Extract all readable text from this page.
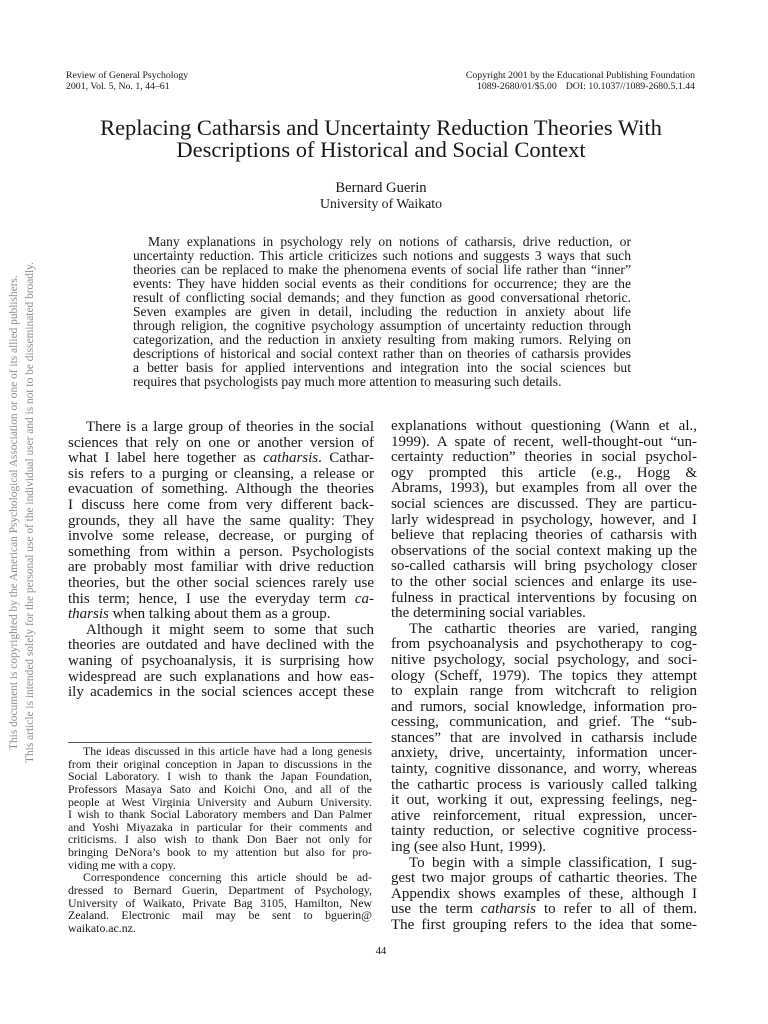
This document is copyrighted by the American Psychological Association or one of its allied publishers. This article is intended solely for the personal use of the individual user and is not to be disseminated broadly.
Review of General Psychology
2001, Vol. 5, No. 1, 44–61
Copyright 2001 by the Educational Publishing Foundation
1089-2680/01/$5.00 DOI: 10.1037//1089-2680.5.1.44
Replacing Catharsis and Uncertainty Reduction Theories With
Descriptions of Historical and Social Context
Bernard Guerin
University of Waikato
Many explanations in psychology rely on notions of catharsis, drive reduction, or
uncertainty reduction. This article criticizes such notions and suggests 3 ways that such
theories can be replaced to make the phenomena events of social life rather than “inner”
events: They have hidden social events as their conditions for occurrence; they are the
result of conflicting social demands; and they function as good conversational rhetoric.
Seven examples are given in detail, including the reduction in anxiety about life
through religion, the cognitive psychology assumption of uncertainty reduction through
categorization, and the reduction in anxiety resulting from making rumors. Relying on
descriptions of historical and social context rather than on theories of catharsis provides
a better basis for applied interventions and integration into the social sciences but
requires that psychologists pay much more attention to measuring such details.
There is a large group of theories in the social
sciences that rely on one or another version of
what I label here together as catharsis. Cathar-
sis refers to a purging or cleansing, a release or
evacuation of something. Although the theories
I discuss here come from very different back-
grounds, they all have the same quality: They
involve some release, decrease, or purging of
something from within a person. Psychologists
are probably most familiar with drive reduction
theories, but the other social sciences rarely use
this term; hence, I use the everyday term ca-
tharsis when talking about them as a group.
Although it might seem to some that such
theories are outdated and have declined with the
waning of psychoanalysis, it is surprising how
widespread are such explanations and how eas-
ily academics in the social sciences accept these
explanations without questioning (Wann et al.,
1999). A spate of recent, well-thought-out “un-
certainty reduction” theories in social psychol-
ogy prompted this article (e.g., Hogg &
Abrams, 1993), but examples from all over the
social sciences are discussed. They are particu-
larly widespread in psychology, however, and I
believe that replacing theories of catharsis with
observations of the social context making up the
so-called catharsis will bring psychology closer
to the other social sciences and enlarge its use-
fulness in practical interventions by focusing on
the determining social variables.
The cathartic theories are varied, ranging
from psychoanalysis and psychotherapy to cog-
nitive psychology, social psychology, and soci-
ology (Scheff, 1979). The topics they attempt
to explain range from witchcraft to religion
and rumors, social knowledge, information pro-
cessing, communication, and grief. The “sub-
stances” that are involved in catharsis include
anxiety, drive, uncertainty, information uncer-
tainty, cognitive dissonance, and worry, whereas
the cathartic process is variously called talking
it out, working it out, expressing feelings, neg-
ative reinforcement, ritual expression, uncer-
tainty reduction, or selective cognitive process-
ing (see also Hunt, 1999).
To begin with a simple classification, I sug-
gest two major groups of cathartic theories. The
Appendix shows examples of these, although I
use the term catharsis to refer to all of them.
The first grouping refers to the idea that some-
The ideas discussed in this article have had a long genesis
from their original conception in Japan to discussions in the
Social Laboratory. I wish to thank the Japan Foundation,
Professors Masaya Sato and Koichi Ono, and all of the
people at West Virginia University and Auburn University.
I wish to thank Social Laboratory members and Dan Palmer
and Yoshi Miyazaka in particular for their comments and
criticisms. I also wish to thank Don Baer not only for
bringing DeNora’s book to my attention but also for pro-
viding me with a copy.
Correspondence concerning this article should be ad-
dressed to Bernard Guerin, Department of Psychology,
University of Waikato, Private Bag 3105, Hamilton, New
Zealand. Electronic mail may be sent to bguerin@
waikato.ac.nz.
44
